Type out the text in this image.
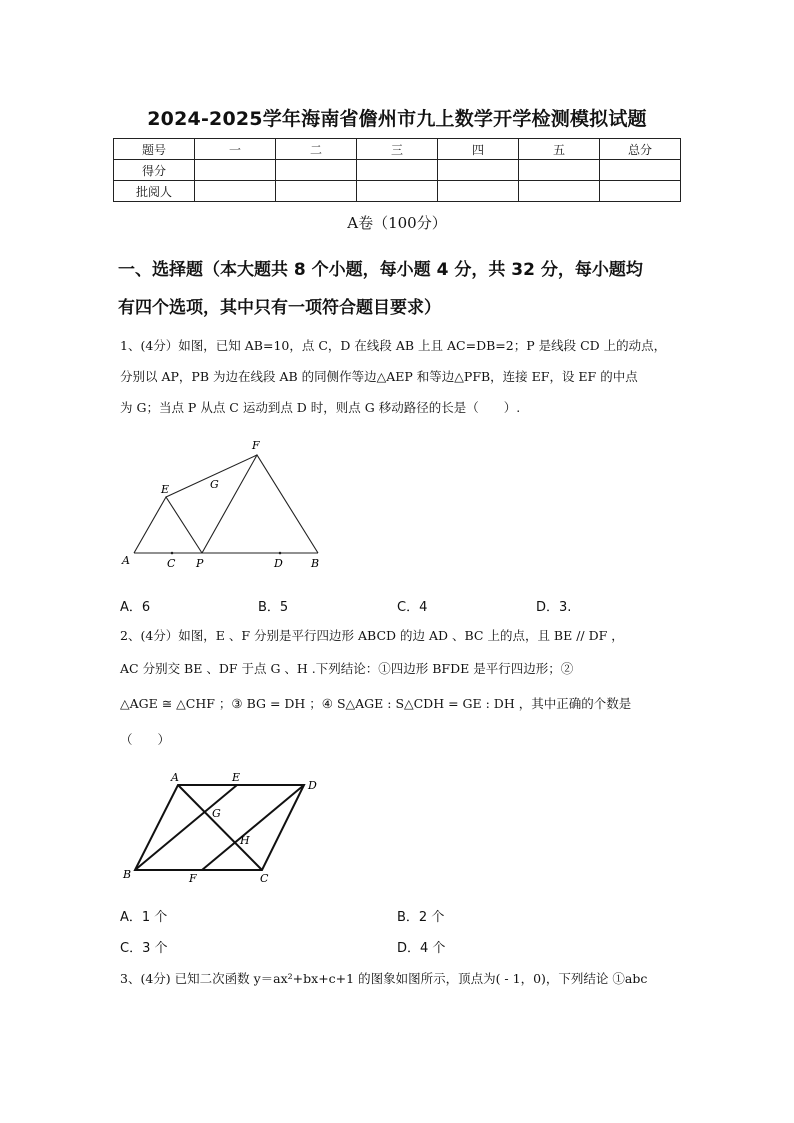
2024-2025学年海南省儋州市九上数学开学检测模拟试题
题号	一	二	三	四	五	总分
得分						
批阅人						
A卷（100分）
一、选择题（本大题共 8 个小题，每小题 4 分，共 32 分，每小题均
有四个选项，其中只有一项符合题目要求）
1、(4分）如图，已知 AB=10，点 C，D 在线段 AB 上且 AC=DB=2；P 是线段 CD 上的动点，
分别以 AP，PB 为边在线段 AB 的同侧作等边△AEP 和等边△PFB，连接 EF，设 EF 的中点
为 G；当点 P 从点 C 运动到点 D 时，则点 G 移动路径的长是（　　）.
A	C P	D	B
E
F
G
A．6	B．5	C．4	D．3.
2、(4分）如图，E 、F 分别是平行四边形 ABCD 的边 AD 、BC 上的点，且 BE // DF ，
AC 分别交 BE 、DF 于点 G 、H .下列结论：①四边形 BFDE 是平行四边形；②
△AGE ≅ △CHF ；③ BG = DH ；④ S△AGE : S△CDH = GE : DH ，其中正确的个数是
（　　）
A	E
D
G
H
B	F	C
A．1 个	B．2 个
C．3 个	D．4 个
3、(4分) 已知二次函数 y＝ax²+bx+c+1 的图象如图所示，顶点为( - 1，0)，下列结论 ①abc
